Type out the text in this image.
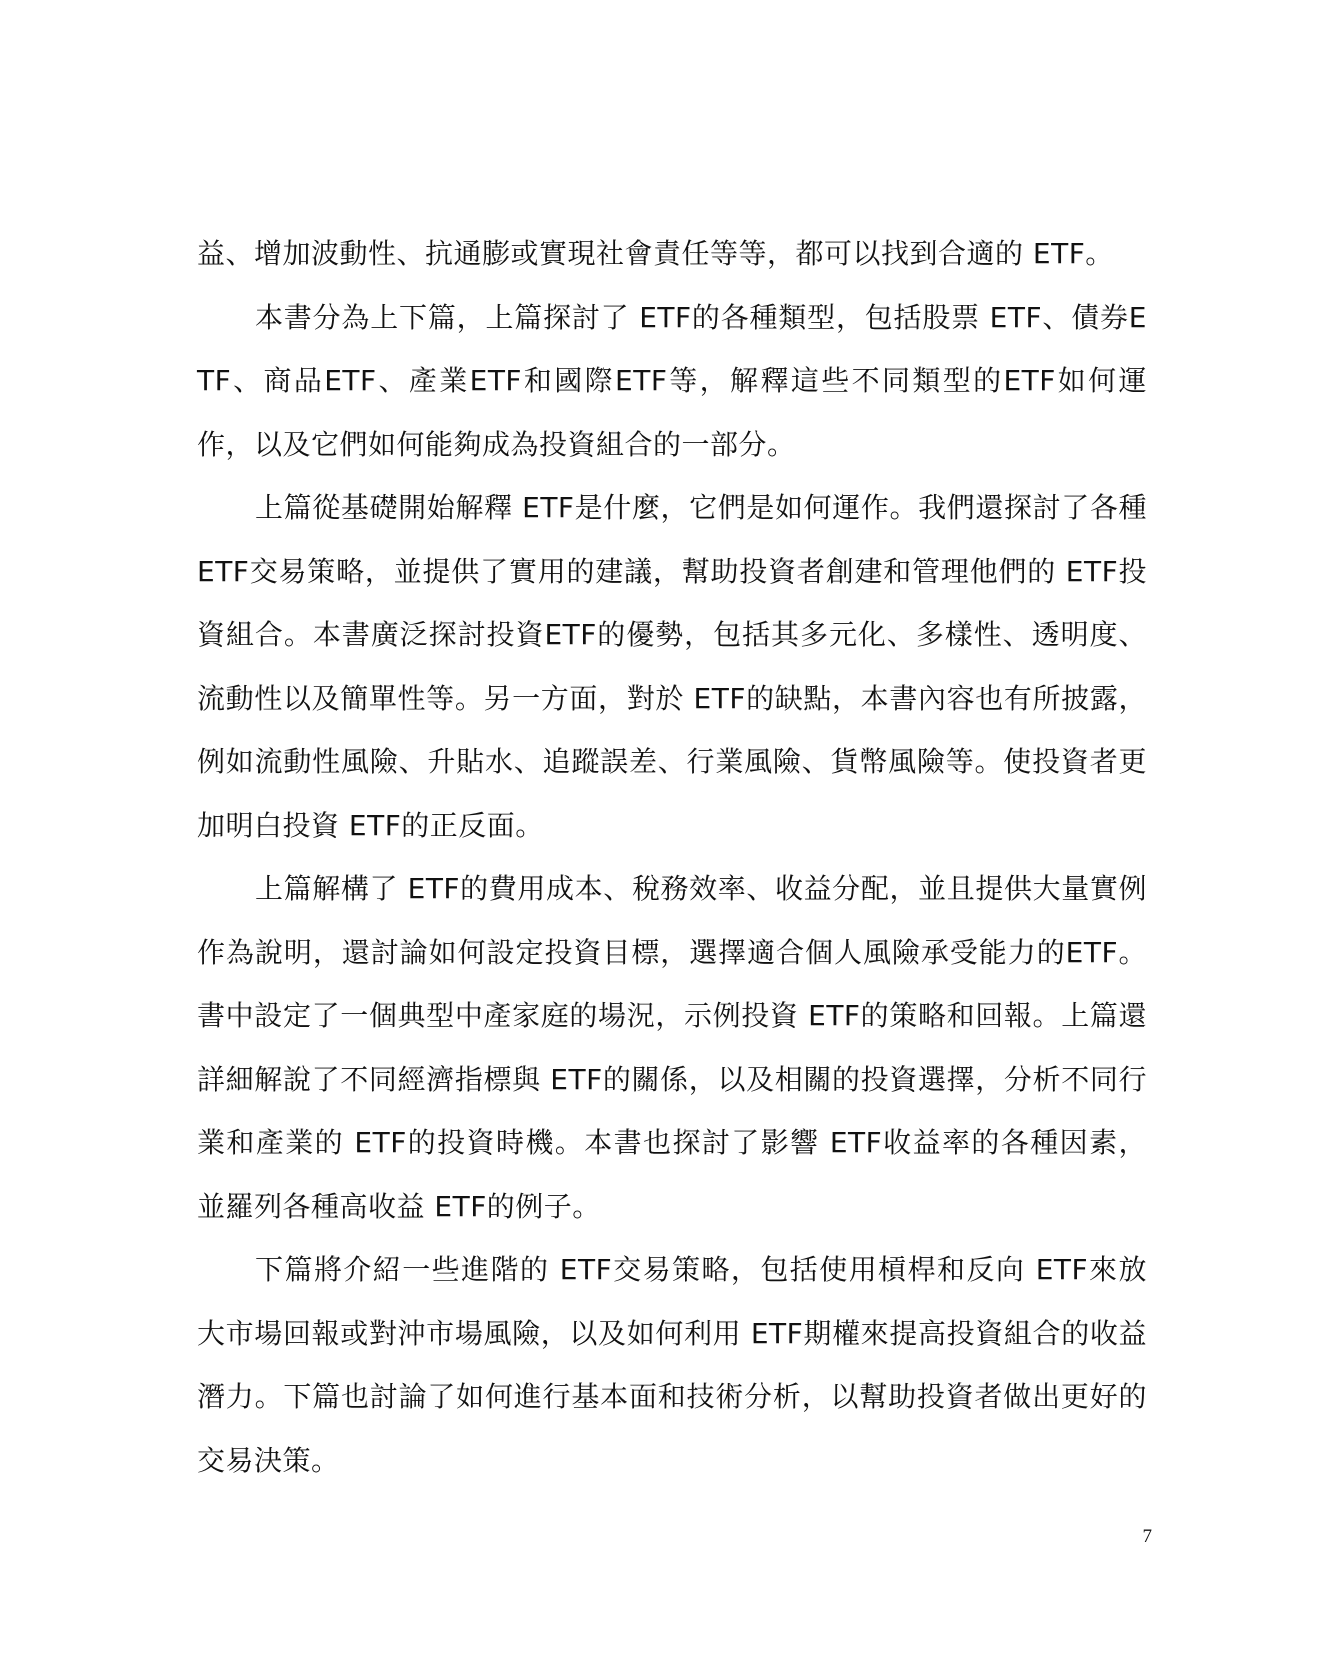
益、增加波動性、抗通膨或實現社會責任等等，都可以找到合適的 ETF。

本書分為上下篇，上篇探討了 ETF的各種類型，包括股票 ETF、債券ETF、商品ETF、產業ETF和國際ETF等，解釋這些不同類型的ETF如何運作，以及它們如何能夠成為投資組合的一部分。

上篇從基礎開始解釋 ETF是什麼，它們是如何運作。我們還探討了各種 ETF交易策略，並提供了實用的建議，幫助投資者創建和管理他們的 ETF投資組合。本書廣泛探討投資ETF的優勢，包括其多元化、多樣性、透明度、流動性以及簡單性等。另一方面，對於 ETF的缺點，本書內容也有所披露，例如流動性風險、升貼水、追蹤誤差、行業風險、貨幣風險等。使投資者更加明白投資 ETF的正反面。

上篇解構了 ETF的費用成本、稅務效率、收益分配，並且提供大量實例作為說明，還討論如何設定投資目標，選擇適合個人風險承受能力的ETF。書中設定了一個典型中產家庭的場況，示例投資 ETF的策略和回報。上篇還詳細解說了不同經濟指標與 ETF的關係，以及相關的投資選擇，分析不同行業和產業的 ETF的投資時機。本書也探討了影響 ETF收益率的各種因素，並羅列各種高收益 ETF的例子。

下篇將介紹一些進階的 ETF交易策略，包括使用槓桿和反向 ETF來放大市場回報或對沖市場風險，以及如何利用 ETF期權來提高投資組合的收益潛力。下篇也討論了如何進行基本面和技術分析，以幫助投資者做出更好的交易決策。

7
